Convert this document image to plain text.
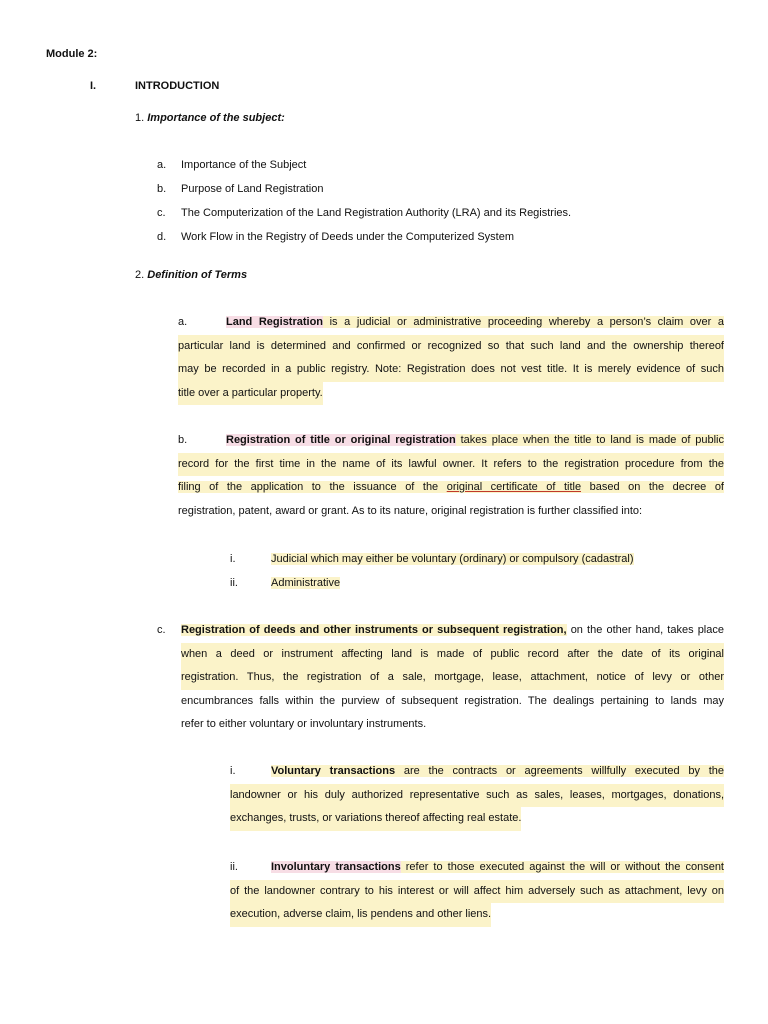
Module 2:
I.	INTRODUCTION
1. Importance of the subject:
a. Importance of the Subject
b. Purpose of Land Registration
c. The Computerization of the Land Registration Authority (LRA) and its Registries.
d. Work Flow in the Registry of Deeds under the Computerized System
2. Definition of Terms
a.	Land Registration is a judicial or administrative proceeding whereby a person’s claim over a
particular land is determined and confirmed or recognized so that such land and the ownership thereof
may be recorded in a public registry. Note: Registration does not vest title. It is merely evidence of such
title over a particular property.
b.	Registration of title or original registration takes place when the title to land is made of public
record for the first time in the name of its lawful owner. It refers to the registration procedure from the
filing of the application to the issuance of the original certificate of title based on the decree of
registration, patent, award or grant. As to its nature, original registration is further classified into:
i.	Judicial which may either be voluntary (ordinary) or compulsory (cadastral)
ii.	Administrative
c. Registration of deeds and other instruments or subsequent registration, on the other hand, takes place
when a deed or instrument affecting land is made of public record after the date of its original
registration. Thus, the registration of a sale, mortgage, lease, attachment, notice of levy or other
encumbrances falls within the purview of subsequent registration. The dealings pertaining to lands may
refer to either voluntary or involuntary instruments.
i.	Voluntary transactions are the contracts or agreements willfully executed by the
landowner or his duly authorized representative such as sales, leases, mortgages, donations,
exchanges, trusts, or variations thereof affecting real estate.
ii.	Involuntary transactions refer to those executed against the will or without the consent
of the landowner contrary to his interest or will affect him adversely such as attachment, levy on
execution, adverse claim, lis pendens and other liens.
